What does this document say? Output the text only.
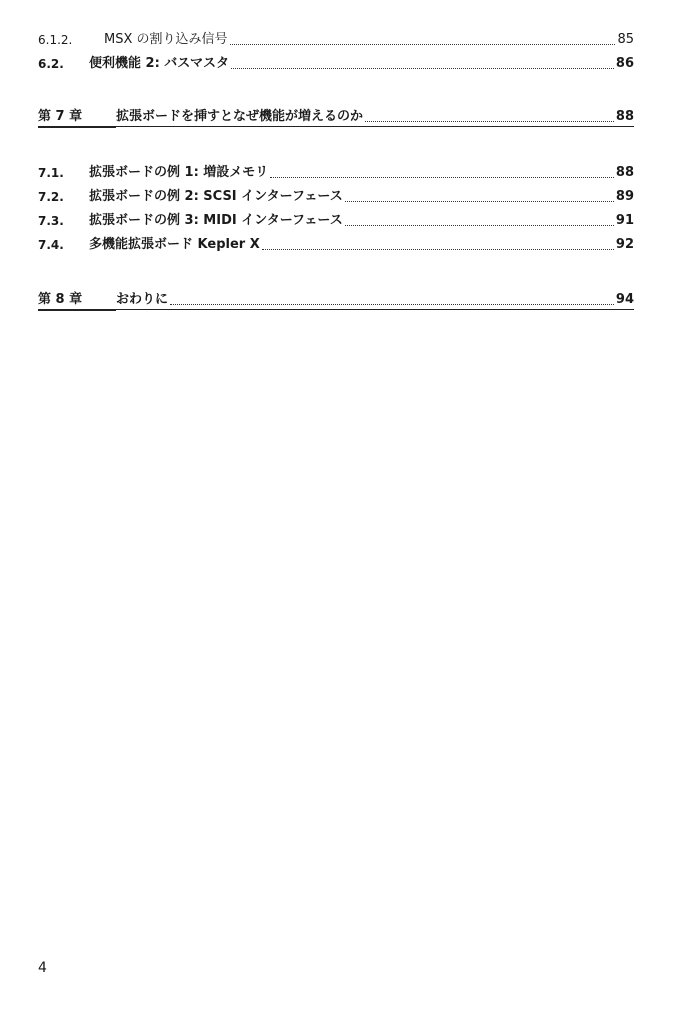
6.1.2.	MSX の割り込み信号	85
6.2.	便利機能 2: バスマスタ	86
第 7 章	拡張ボードを挿すとなぜ機能が増えるのか	88
7.1.	拡張ボードの例 1: 増設メモリ	88
7.2.	拡張ボードの例 2: SCSI インターフェース	89
7.3.	拡張ボードの例 3: MIDI インターフェース	91
7.4.	多機能拡張ボード Kepler X	92
第 8 章	おわりに	94
4
